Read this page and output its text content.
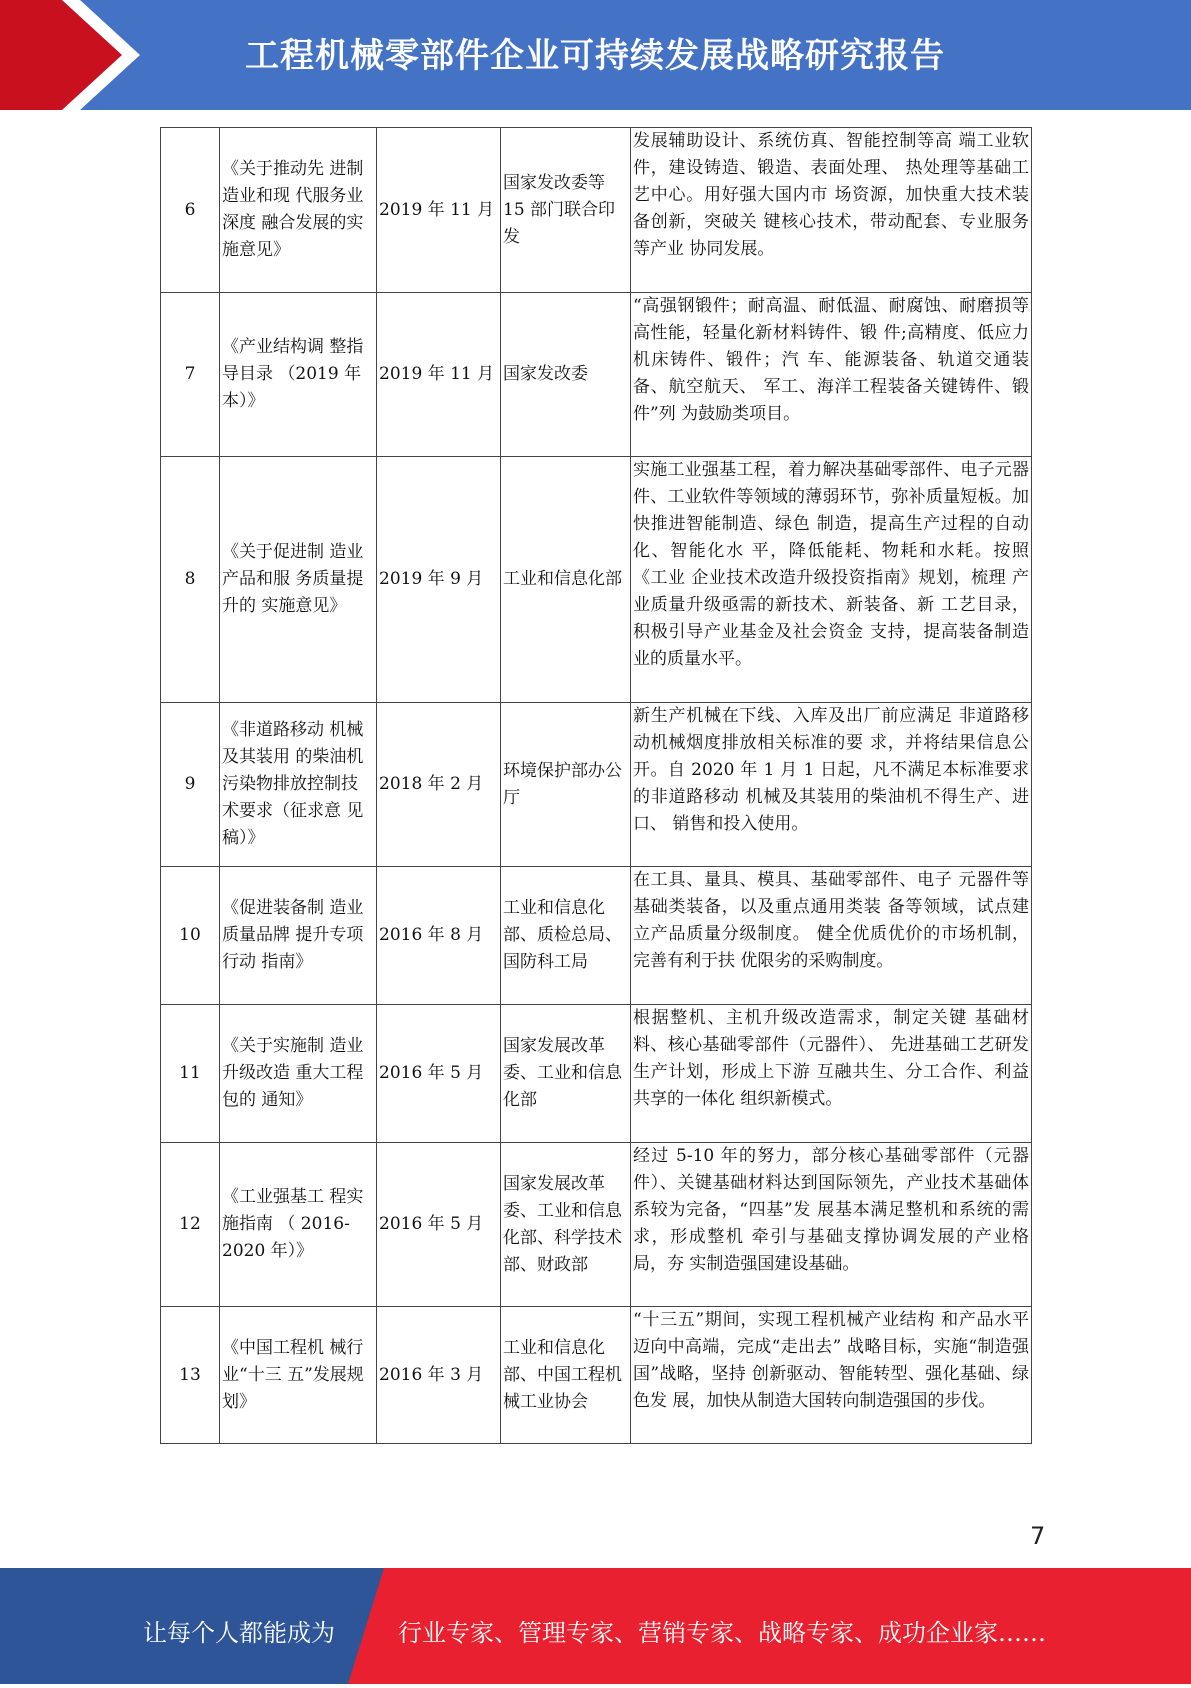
工程机械零部件企业可持续发展战略研究报告
6	《关于推动先 进制造业和现 代服务业深度 融合发展的实 施意见》	2019 年 11 月	国家发改委等 15 部门联合印发	发展辅助设计、系统仿真、智能控制等高 端工业软件，建设铸造、锻造、表面处理、 热处理等基础工艺中心。用好强大国内市 场资源，加快重大技术装备创新，突破关 键核心技术，带动配套、专业服务等产业 协同发展。
7	《产业结构调 整指导目录 （2019 年本）》	2019 年 11 月	国家发改委	“高强钢锻件；耐高温、耐低温、耐腐蚀、耐磨损等高性能，轻量化新材料铸件、锻 件;高精度、低应力机床铸件、锻件；汽 车、能源装备、轨道交通装备、航空航天、 军工、海洋工程装备关键铸件、锻件”列 为鼓励类项目。
8	《关于促进制 造业产品和服 务质量提升的 实施意见》	2019 年 9 月	工业和信息化部	实施工业强基工程，着力解决基础零部件、电子元器件、工业软件等领域的薄弱环节，弥补质量短板。加快推进智能制造、绿色 制造，提高生产过程的自动化、智能化水 平，降低能耗、物耗和水耗。按照《工业 企业技术改造升级投资指南》规划，梳理 产业质量升级亟需的新技术、新装备、新 工艺目录，积极引导产业基金及社会资金 支持，提高装备制造业的质量水平。
9	《非道路移动 机械及其装用 的柴油机污染物排放控制技 术要求（征求意 见稿）》	2018 年 2 月	环境保护部办公厅	新生产机械在下线、入库及出厂前应满足 非道路移动机械烟度排放相关标准的要 求，并将结果信息公开。自 2020 年 1 月 1 日起，凡不满足本标准要求的非道路移动 机械及其装用的柴油机不得生产、进口、 销售和投入使用。
10	《促进装备制 造业质量品牌 提升专项行动 指南》	2016 年 8 月	工业和信息化部、质检总局、国防科工局	在工具、量具、模具、基础零部件、电子 元器件等基础类装备，以及重点通用类装 备等领域，试点建立产品质量分级制度。 健全优质优价的市场机制，完善有利于扶 优限劣的采购制度。
11	《关于实施制 造业升级改造 重大工程包的 通知》	2016 年 5 月	国家发展改革委、工业和信息化部	根据整机、主机升级改造需求，制定关键 基础材料、核心基础零部件（元器件）、 先进基础工艺研发生产计划，形成上下游 互融共生、分工合作、利益共享的一体化 组织新模式。
12	《工业强基工 程实施指南 （ 2016-2020 年）》	2016 年 5 月	国家发展改革委、工业和信息化部、科学技术部、财政部	经过 5-10 年的努力，部分核心基础零部件（元器件）、关键基础材料达到国际领先，产业技术基础体系较为完备，“四基”发 展基本满足整机和系统的需求，形成整机 牵引与基础支撑协调发展的产业格局，夯 实制造强国建设基础。
13	《中国工程机 械行业“十三 五”发展规划》	2016 年 3 月	工业和信息化部、中国工程机械工业协会	“十三五”期间，实现工程机械产业结构 和产品水平迈向中高端，完成“走出去” 战略目标，实施“制造强国”战略，坚持 创新驱动、智能转型、强化基础、绿色发 展，加快从制造大国转向制造强国的步伐。
7
让每个人都能成为	行业专家、管理专家、营销专家、战略专家、成功企业家……
